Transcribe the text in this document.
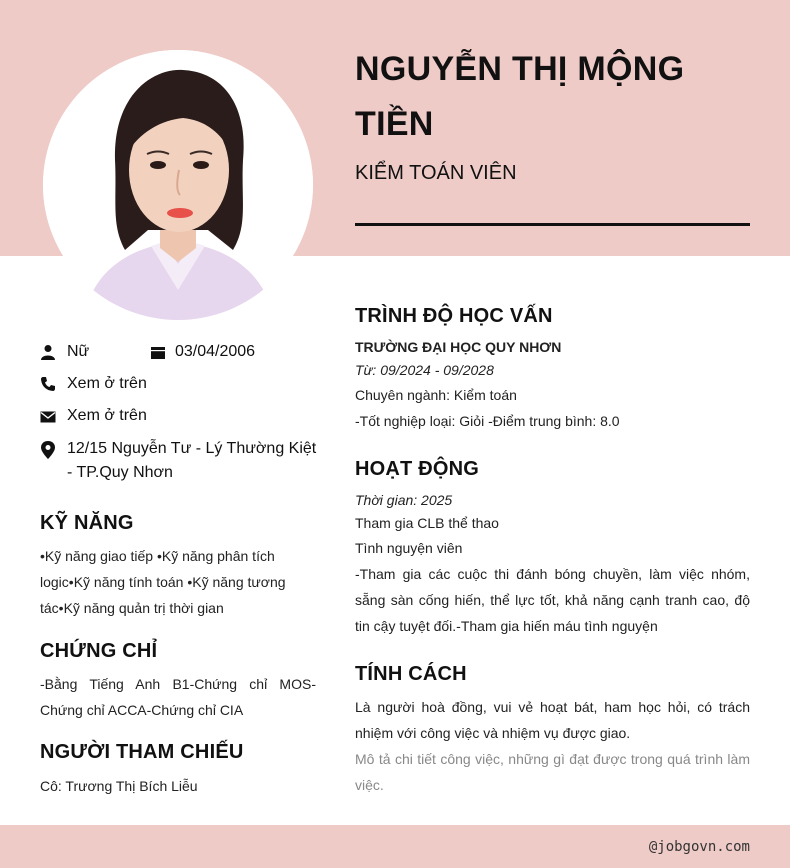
NGUYỄN THỊ MỘNG TIỀN
KIỂM TOÁN VIÊN
Nữ	03/04/2006
Xem ở trên
Xem ở trên
12/15 Nguyễn Tư - Lý Thường Kiệt - TP.Quy Nhơn
KỸ NĂNG
•Kỹ năng giao tiếp •Kỹ năng phân tích logic•Kỹ năng tính toán •Kỹ năng tương tác•Kỹ năng quản trị thời gian
CHỨNG CHỈ
-Bằng Tiếng Anh B1-Chứng chỉ MOS-Chứng chỉ ACCA-Chứng chỉ CIA
NGƯỜI THAM CHIẾU
Cô: Trương Thị Bích Liễu
TRÌNH ĐỘ HỌC VẤN
TRƯỜNG ĐẠI HỌC QUY NHƠN
Từ: 09/2024 - 09/2028
Chuyên ngành: Kiểm toán
-Tốt nghiệp loại: Giỏi -Điểm trung bình: 8.0
HOẠT ĐỘNG
Thời gian: 2025
Tham gia CLB thể thao
Tình nguyện viên
-Tham gia các cuộc thi đánh bóng chuyền, làm việc nhóm, sẵng sàn cống hiến, thể lực tốt, khả năng cạnh tranh cao, độ tin cậy tuyệt đối.-Tham gia hiến máu tình nguyện
TÍNH CÁCH
Là người hoà đồng, vui vẻ hoạt bát, ham học hỏi, có trách nhiệm với công việc và nhiệm vụ được giao.
Mô tả chi tiết công việc, những gì đạt được trong quá trình làm việc.
@jobgovn.com
